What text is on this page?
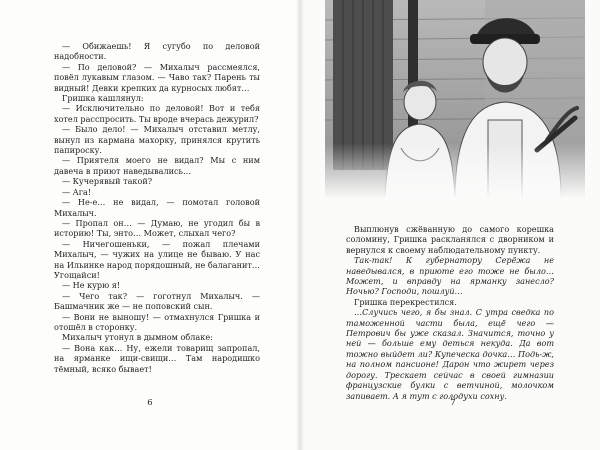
— Обижаешь! Я сугубо по деловой надобности.

— По деловой? — Михалыч рассмеялся, повёл лукавым глазом. — Чаво так? Парень ты видный! Девки крепких да курносых любят…

Гришка кашлянул:

— Исключительно по деловой! Вот и тебя хотел расспросить. Ты вроде вчерась дежурил?

— Было дело! — Михалыч отставил метлу, вынул из кармана махорку, принялся крутить папироску.

— Приятеля моего не видал? Мы с ним давеча в приют наведывались…

— Кучерявый такой?

— Ага!

— Не-е… не видал, — помотал головой Михалыч.

— Пропал он… — Думаю, не угодил бы в историю! Ты, энто… Может, слыхал чего?

— Ничегошеньки, — пожал плечами Михалыч, — чужих на улице не бываю. У нас на Ильинке народ порядошный, не балаганит… Угощайси!

— Не курю я!

— Чего так? — гоготнул Михалыч. — Башмачник же — не поповский сын.

— Вони не выношу! — отмахнулся Гришка и отошёл в сторонку.

Михалыч утонул в дымном облаке:

— Вона как… Ну, ежели товарищ запропал, на ярманке ищи-свищи… Там народишко тёмный, всяко бывает!

6

Выплюнув сжёванную до самого корешка соломину, Гришка раскланялся с дворником и вернулся к своему наблюдательному пункту.

Так-так! К губернатору Серёжа не наведывался, в приюте его тоже не было… Может, и вправду на ярманку занесло? Ночью? Господи, пошлуй…

Гришка перекрестился.

…Случись чего, я бы знал. С утра сведка по таможенной части была, ещё чего — Петрович бы уже сказал. Значится, точно у ней — больше ему деться некуда. Да вот тожно выйдет ли? Купеческа дочка… Подь-ж, на полном пансионе! Дарон что жирет через дорогу. Трескает сейчас в своей гимназии французские булки с ветчиной, молочком запивает. А я тут с голодухи сохну.

7
